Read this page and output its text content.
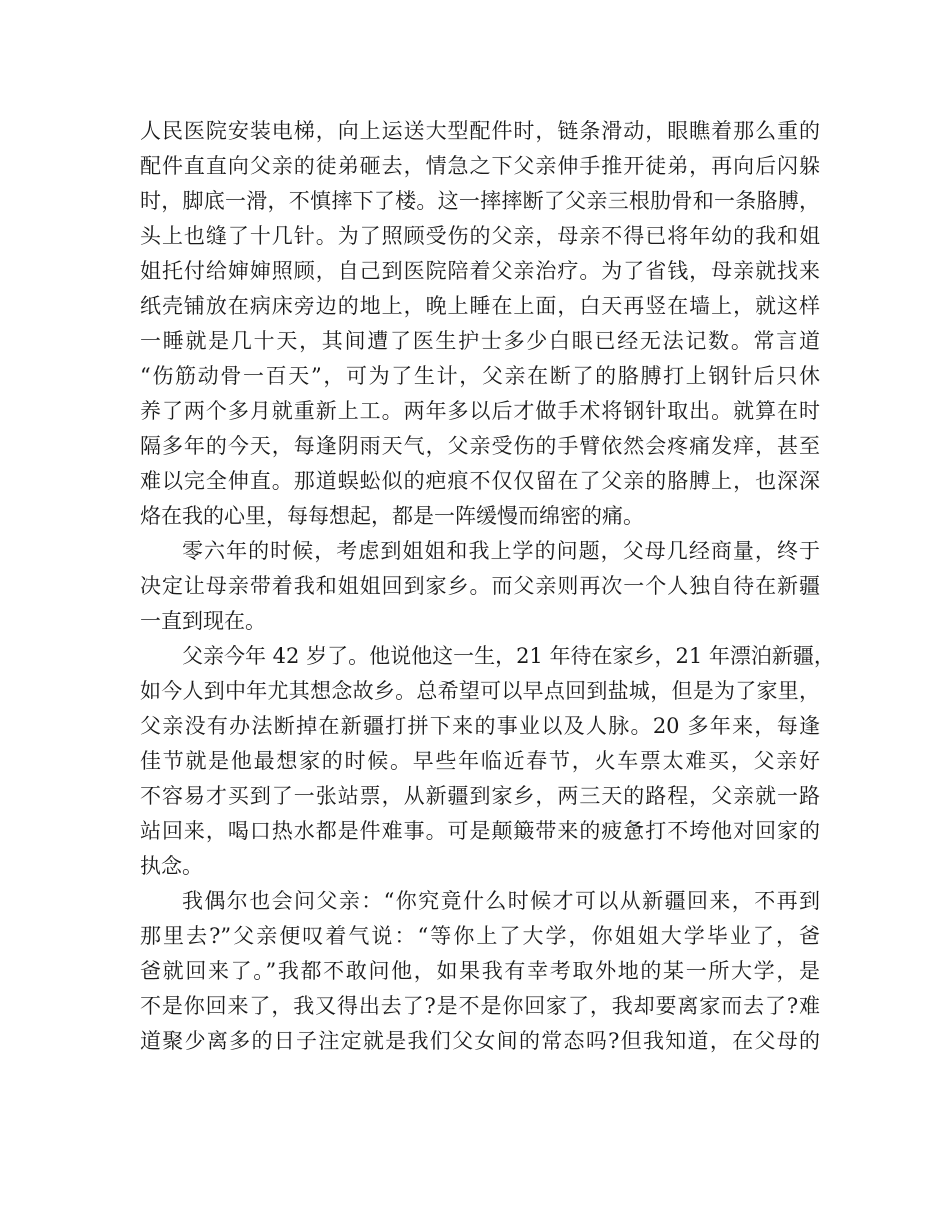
人民医院安装电梯，向上运送大型配件时，链条滑动，眼瞧着那么重的
配件直直向父亲的徒弟砸去，情急之下父亲伸手推开徒弟，再向后闪躲
时，脚底一滑，不慎摔下了楼。这一摔摔断了父亲三根肋骨和一条胳膊，
头上也缝了十几针。为了照顾受伤的父亲，母亲不得已将年幼的我和姐
姐托付给婶婶照顾，自己到医院陪着父亲治疗。为了省钱，母亲就找来
纸壳铺放在病床旁边的地上，晚上睡在上面，白天再竖在墙上，就这样
一睡就是几十天，其间遭了医生护士多少白眼已经无法记数。常言道
“伤筋动骨一百天”，可为了生计，父亲在断了的胳膊打上钢针后只休
养了两个多月就重新上工。两年多以后才做手术将钢针取出。就算在时
隔多年的今天，每逢阴雨天气，父亲受伤的手臂依然会疼痛发痒，甚至
难以完全伸直。那道蜈蚣似的疤痕不仅仅留在了父亲的胳膊上，也深深
烙在我的心里，每每想起，都是一阵缓慢而绵密的痛。
零六年的时候，考虑到姐姐和我上学的问题，父母几经商量，终于
决定让母亲带着我和姐姐回到家乡。而父亲则再次一个人独自待在新疆
一直到现在。
父亲今年 42 岁了。他说他这一生，21 年待在家乡，21 年漂泊新疆，
如今人到中年尤其想念故乡。总希望可以早点回到盐城，但是为了家里，
父亲没有办法断掉在新疆打拼下来的事业以及人脉。20 多年来，每逢
佳节就是他最想家的时候。早些年临近春节，火车票太难买，父亲好
不容易才买到了一张站票，从新疆到家乡，两三天的路程，父亲就一路
站回来，喝口热水都是件难事。可是颠簸带来的疲惫打不垮他对回家的
执念。
我偶尔也会问父亲：“你究竟什么时候才可以从新疆回来，不再到
那里去?”父亲便叹着气说：“等你上了大学，你姐姐大学毕业了，爸
爸就回来了。”我都不敢问他，如果我有幸考取外地的某一所大学，是
不是你回来了，我又得出去了?是不是你回家了，我却要离家而去了?难
道聚少离多的日子注定就是我们父女间的常态吗?但我知道，在父母的
